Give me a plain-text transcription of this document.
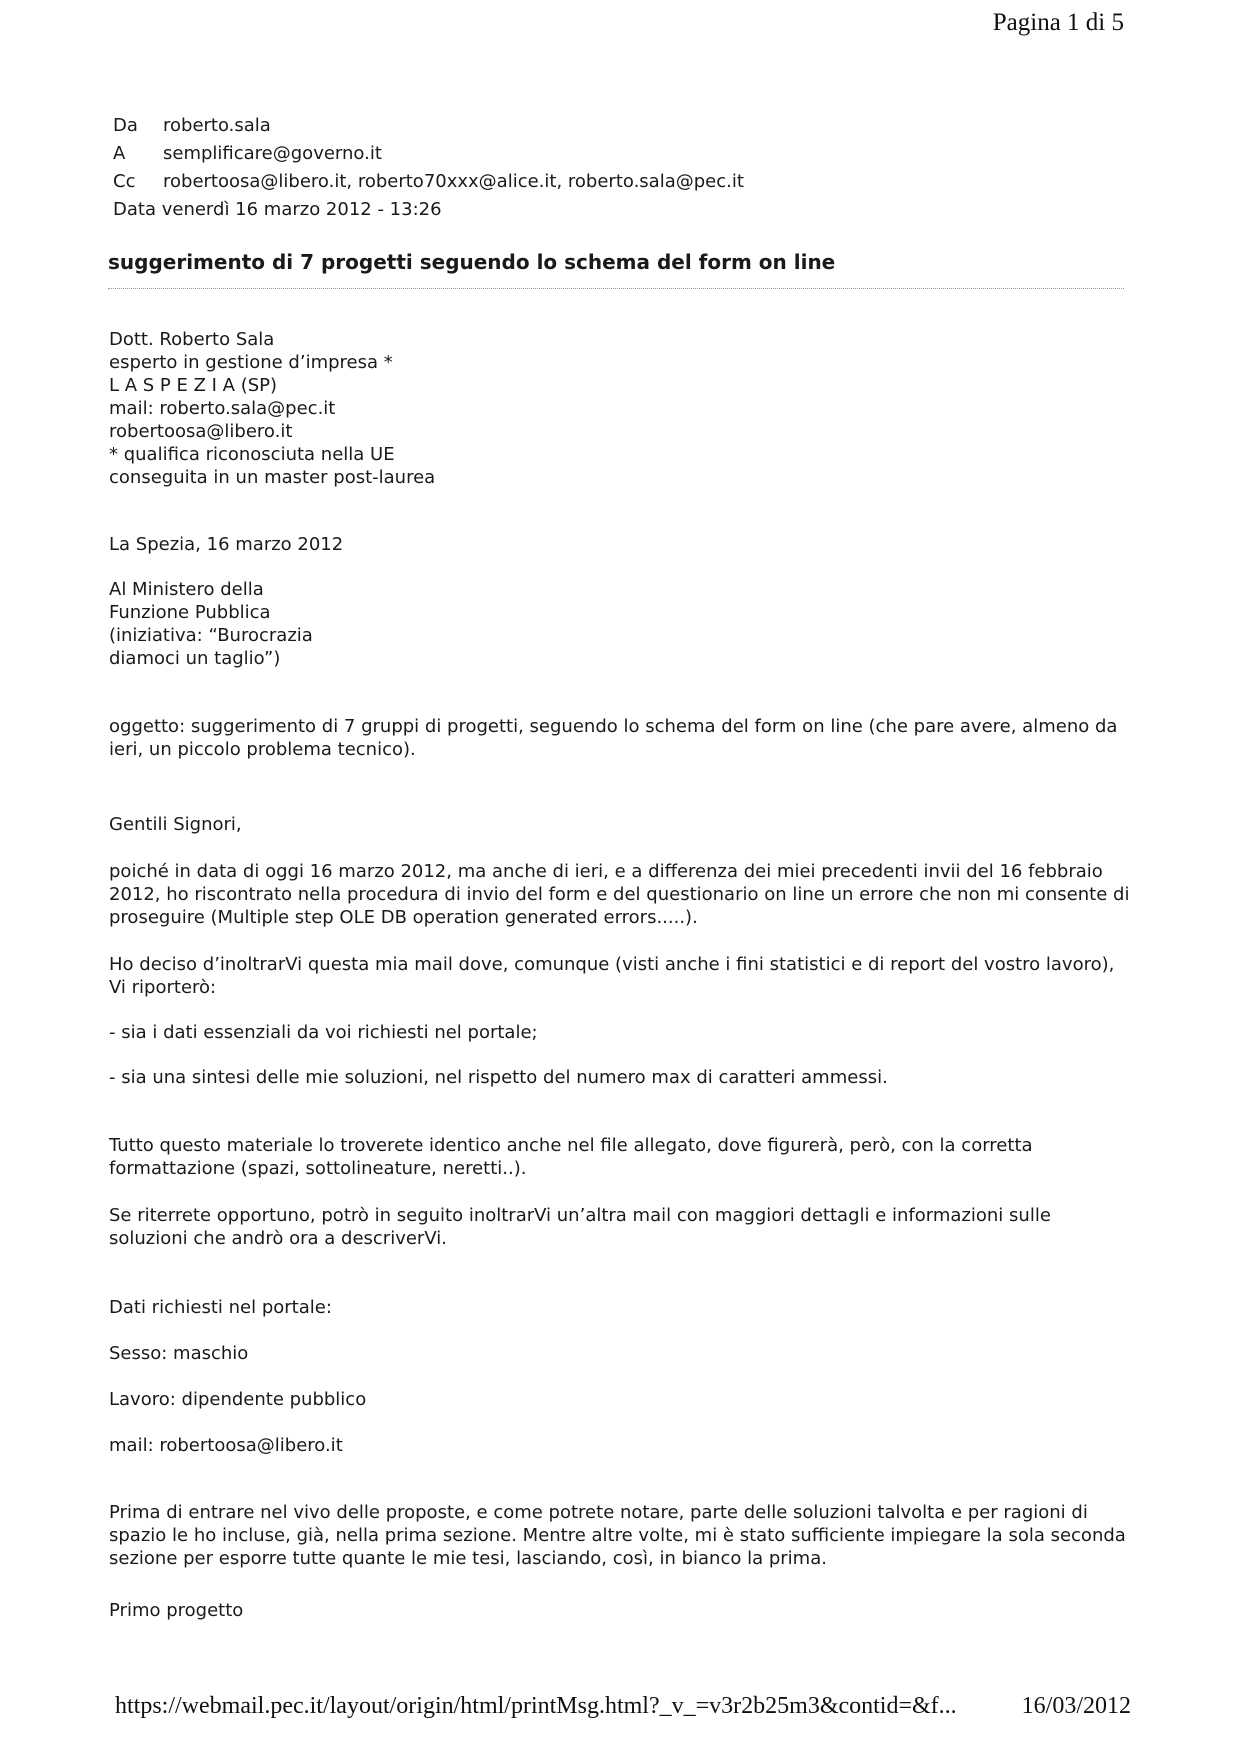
Pagina 1 di 5
Da roberto.sala
A semplificare@governo.it
Cc robertoosa@libero.it, roberto70xxx@alice.it, roberto.sala@pec.it
Data venerdì 16 marzo 2012 - 13:26
suggerimento di 7 progetti seguendo lo schema del form on line

Dott. Roberto Sala
esperto in gestione d’impresa *
L A S P E Z I A (SP)
mail: roberto.sala@pec.it
robertoosa@libero.it
* qualifica riconosciuta nella UE
conseguita in un master post-laurea

La Spezia, 16 marzo 2012

Al Ministero della
Funzione Pubblica
(iniziativa: “Burocrazia
diamoci un taglio”)

oggetto: suggerimento di 7 gruppi di progetti, seguendo lo schema del form on line (che pare avere, almeno da ieri, un piccolo problema tecnico).

Gentili Signori,

poiché in data di oggi 16 marzo 2012, ma anche di ieri, e a differenza dei miei precedenti invii del 16 febbraio 2012, ho riscontrato nella procedura di invio del form e del questionario on line un errore che non mi consente di proseguire (Multiple step OLE DB operation generated errors.....).

Ho deciso d’inoltrarVi questa mia mail dove, comunque (visti anche i fini statistici e di report del vostro lavoro), Vi riporterò:

- sia i dati essenziali da voi richiesti nel portale;

- sia una sintesi delle mie soluzioni, nel rispetto del numero max di caratteri ammessi.

Tutto questo materiale lo troverete identico anche nel file allegato, dove figurerà, però, con la corretta formattazione (spazi, sottolineature, neretti..).

Se riterrete opportuno, potrò in seguito inoltrarVi un’altra mail con maggiori dettagli e informazioni sulle soluzioni che andrò ora a descriverVi.

Dati richiesti nel portale:

Sesso: maschio

Lavoro: dipendente pubblico

mail: robertoosa@libero.it

Prima di entrare nel vivo delle proposte, e come potrete notare, parte delle soluzioni talvolta e per ragioni di spazio le ho incluse, già, nella prima sezione. Mentre altre volte, mi è stato sufficiente impiegare la sola seconda sezione per esporre tutte quante le mie tesi, lasciando, così, in bianco la prima.

Primo progetto

https://webmail.pec.it/layout/origin/html/printMsg.html?_v_=v3r2b25m3&contid=&f...	16/03/2012
